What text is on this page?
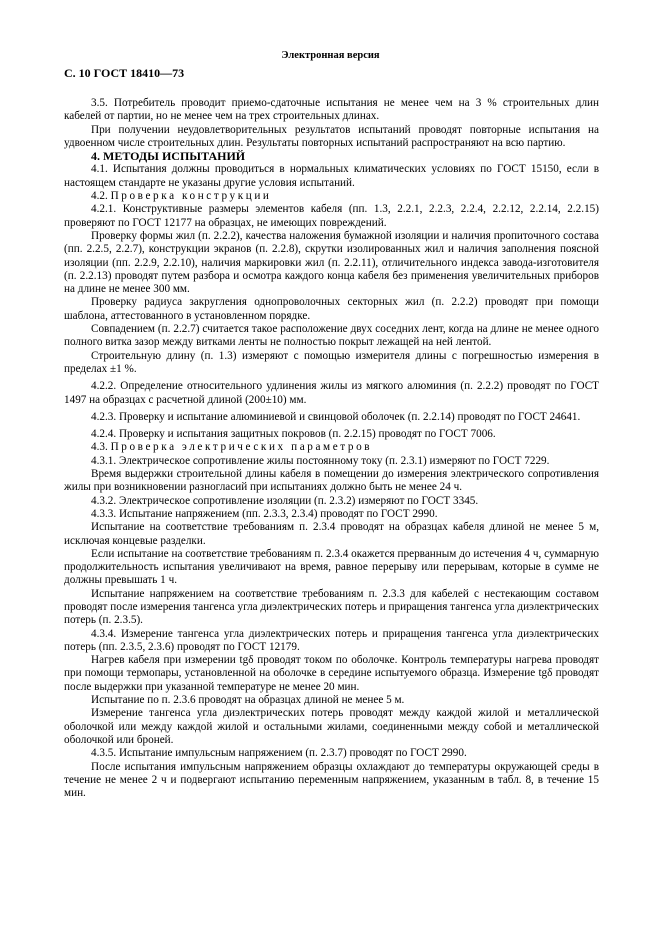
Электронная версия
С. 10 ГОСТ 18410—73

3.5. Потребитель проводит приемо-сдаточные испытания не менее чем на 3 % строительных длин кабелей от партии, но не менее чем на трех строительных длинах.

При получении неудовлетворительных результатов испытаний проводят повторные испытания на удвоенном числе строительных длин. Результаты повторных испытаний распространяют на всю партию.

4. МЕТОДЫ ИСПЫТАНИЙ

4.1. Испытания должны проводиться в нормальных климатических условиях по ГОСТ 15150, если в настоящем стандарте не указаны другие условия испытаний.

4.2. Проверка конструкции

4.2.1. Конструктивные размеры элементов кабеля (пп. 1.3, 2.2.1, 2.2.3, 2.2.4, 2.2.12, 2.2.14, 2.2.15) проверяют по ГОСТ 12177 на образцах, не имеющих повреждений.

Проверку формы жил (п. 2.2.2), качества наложения бумажной изоляции и наличия пропиточного состава (пп. 2.2.5, 2.2.7), конструкции экранов (п. 2.2.8), скрутки изолированных жил и наличия заполнения поясной изоляции (пп. 2.2.9, 2.2.10), наличия маркировки жил (п. 2.2.11), отличительного индекса завода-изготовителя (п. 2.2.13) проводят путем разбора и осмотра каждого конца кабеля без применения увеличительных приборов на длине не менее 300 мм.

Проверку радиуса закругления однопроволочных секторных жил (п. 2.2.2) проводят при помощи шаблона, аттестованного в установленном порядке.

Совпадением (п. 2.2.7) считается такое расположение двух соседних лент, когда на длине не менее одного полного витка зазор между витками ленты не полностью покрыт лежащей на ней лентой.

Строительную длину (п. 1.3) измеряют с помощью измерителя длины с погрешностью измерения в пределах ±1 %.

4.2.2. Определение относительного удлинения жилы из мягкого алюминия (п. 2.2.2) проводят по ГОСТ 1497 на образцах с расчетной длиной (200±10) мм.

4.2.3. Проверку и испытание алюминиевой и свинцовой оболочек (п. 2.2.14) проводят по ГОСТ 24641.

4.2.4. Проверку и испытания защитных покровов (п. 2.2.15) проводят по ГОСТ 7006.

4.3. Проверка электрических параметров

4.3.1. Электрическое сопротивление жилы постоянному току (п. 2.3.1) измеряют по ГОСТ 7229.

Время выдержки строительной длины кабеля в помещении до измерения электрического сопротивления жилы при возникновении разногласий при испытаниях должно быть не менее 24 ч.

4.3.2. Электрическое сопротивление изоляции (п. 2.3.2) измеряют по ГОСТ 3345.

4.3.3. Испытание напряжением (пп. 2.3.3, 2.3.4) проводят по ГОСТ 2990.

Испытание на соответствие требованиям п. 2.3.4 проводят на образцах кабеля длиной не менее 5 м, исключая концевые разделки.

Если испытание на соответствие требованиям п. 2.3.4 окажется прерванным до истечения 4 ч, суммарную продолжительность испытания увеличивают на время, равное перерыву или перерывам, которые в сумме не должны превышать 1 ч.

Испытание напряжением на соответствие требованиям п. 2.3.3 для кабелей с нестекающим составом проводят после измерения тангенса угла диэлектрических потерь и приращения тангенса угла диэлектрических потерь (п. 2.3.5).

4.3.4. Измерение тангенса угла диэлектрических потерь и приращения тангенса угла диэлектрических потерь (пп. 2.3.5, 2.3.6) проводят по ГОСТ 12179.

Нагрев кабеля при измерении tgδ проводят током по оболочке. Контроль температуры нагрева проводят при помощи термопары, установленной на оболочке в середине испытуемого образца. Измерение tgδ проводят после выдержки при указанной температуре не менее 20 мин.

Испытание по п. 2.3.6 проводят на образцах длиной не менее 5 м.

Измерение тангенса угла диэлектрических потерь проводят между каждой жилой и металлической оболочкой или между каждой жилой и остальными жилами, соединенными между собой и металлической оболочкой или броней.

4.3.5. Испытание импульсным напряжением (п. 2.3.7) проводят по ГОСТ 2990.

После испытания импульсным напряжением образцы охлаждают до температуры окружающей среды в течение не менее 2 ч и подвергают испытанию переменным напряжением, указанным в табл. 8, в течение 15 мин.
